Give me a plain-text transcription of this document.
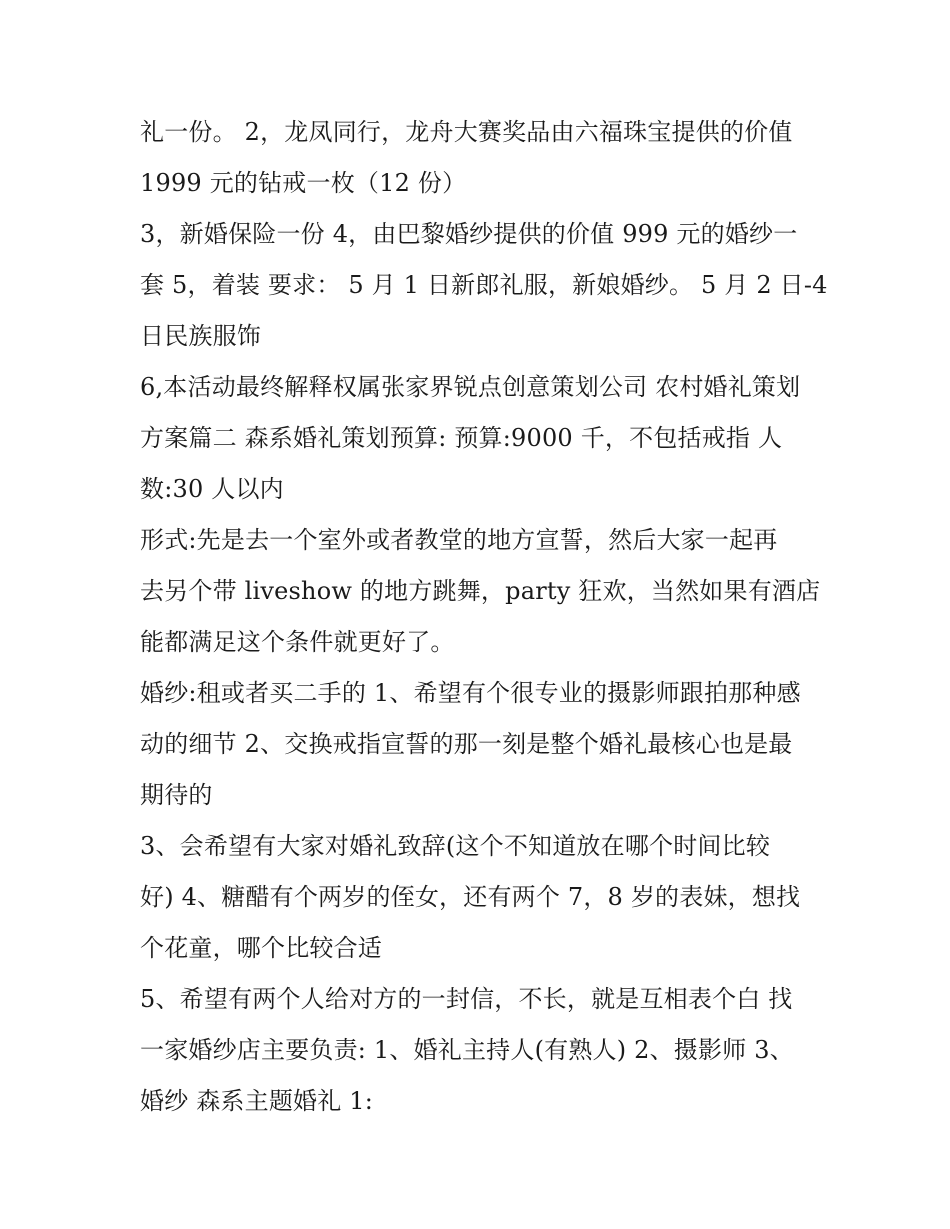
礼一份。 2，龙凤同行，龙舟大赛奖品由六福珠宝提供的价值
1999 元的钻戒一枚（12 份）
3，新婚保险一份 4，由巴黎婚纱提供的价值 999 元的婚纱一
套 5，着装 要求： 5 月 1 日新郎礼服，新娘婚纱。 5 月 2 日-4
日民族服饰
6,本活动最终解释权属张家界锐点创意策划公司 农村婚礼策划
方案篇二 森系婚礼策划预算: 预算:9000 千，不包括戒指 人
数:30 人以内
形式:先是去一个室外或者教堂的地方宣誓，然后大家一起再
去另个带 liveshow 的地方跳舞，party 狂欢，当然如果有酒店
能都满足这个条件就更好了。
婚纱:租或者买二手的 1、希望有个很专业的摄影师跟拍那种感
动的细节 2、交换戒指宣誓的那一刻是整个婚礼最核心也是最
期待的
3、会希望有大家对婚礼致辞(这个不知道放在哪个时间比较
好) 4、糖醋有个两岁的侄女，还有两个 7，8 岁的表妹，想找
个花童，哪个比较合适
5、希望有两个人给对方的一封信，不长，就是互相表个白 找
一家婚纱店主要负责: 1、婚礼主持人(有熟人) 2、摄影师 3、
婚纱 森系主题婚礼 1:
